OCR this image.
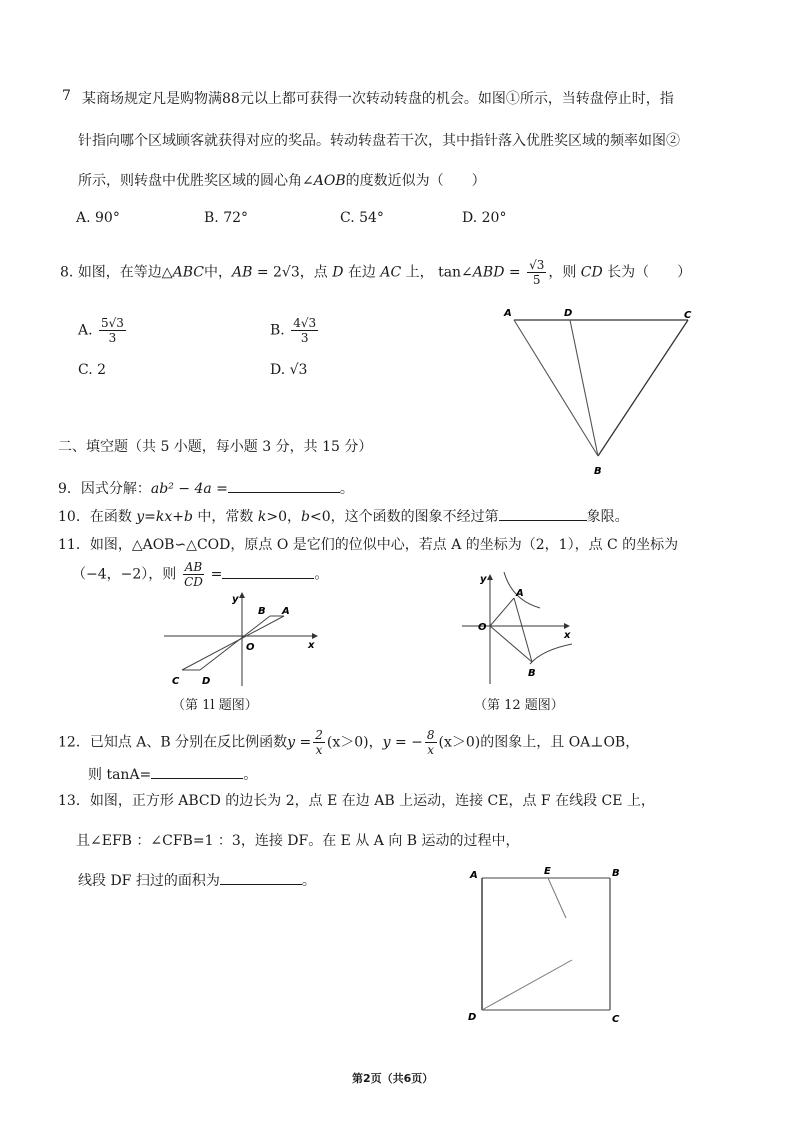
7 某商场规定凡是购物满88元以上都可获得一次转动转盘的机会。如图①所示，当转盘停止时，指
针指向哪个区域顾客就获得对应的奖品。转动转盘若干次，其中指针落入优胜奖区域的频率如图②
所示，则转盘中优胜奖区域的圆心角∠AOB的度数近似为（　　）
A. 90°	B. 72°	C. 54°	D. 20°
8. 如图，在等边△ABC中，AB = 2√3，点 D 在边 AC 上， tan∠ABD = $\frac{√3}{5}$ ，则 CD 长为（　　）
A. $\frac{5√3}{3}$	B. $\frac{4√3}{3}$
C. 2	D. √3
A	D	C
B
二、填空题（共 5 小题，每小题 3 分，共 15 分）
9．因式分解：ab² − 4a =	。
10．在函数 y=kx+b 中，常数 k>0，b<0，这个函数的图象不经过第	象限。
11．如图，△AOB∽△COD，原点 O 是它们的位似中心，若点 A 的坐标为（2，1），点 C 的坐标为
（−4，−2），则 $\frac{AB}{CD}$ =	。
y
x
O
B A
C D
（第 1l 题图）
y
x
O
A
B
（第 12 题图）
12．已知点 A、B 分别在反比例函数$y = \frac{2}{x} (x>0)$，y = − $\frac{8}{x} (x>0)$的图象上，且 OA⊥OB，
则 tanA=	。
13．如图，正方形 ABCD 的边长为 2，点 E 在边 AB 上运动，连接 CE，点 F 在线段 CE 上，
且∠EFB ：∠CFB=1 ：3，连接 DF。在 E 从 A 向 B 运动的过程中，
线段 DF 扫过的面积为	。	A	E	B
D	C
第2页（共6页）
